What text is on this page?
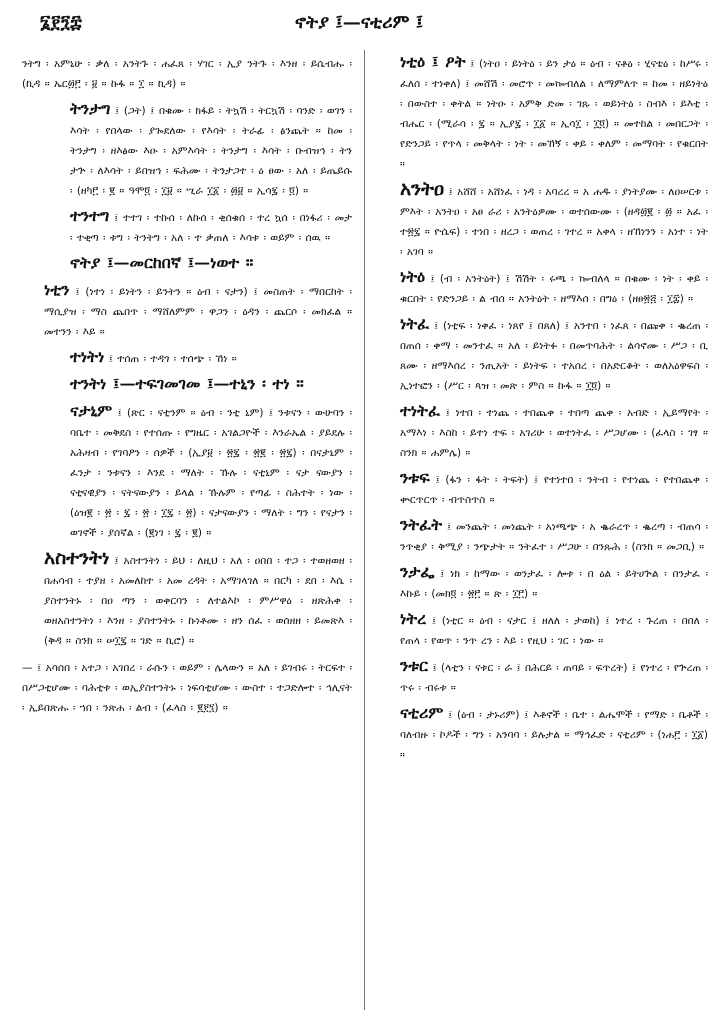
፮፻፺፰	ኖትያ ፤—ናቲሪም ፤

ንትግ ፡ አምኒሁ ፡ ቃለ ፡ አንትጉ ፡ ሐፈጸ ፡ ሃገር ፡ ኢያ ንትጉ ፡ እንዘ ፡ ይሴብሑ ፡ (ኪዳ ። ኤር፴፫ ፡ ፱ ። ኩፋ ። ፲ ። ኪዳ) ።

ትንታግ ፤ (ጋት) ፤ በቁሙ ፡ ክፋይ ፡ ትኳሽ ፡ ትርኳሽ ፡ ባንድ ፡ ወገን ፡ እሳት ፡ የበላው ፡ ያጐደለው ፡ የእሳት ፡ ትራፊ ፡ ፅንጨት ። ከመ ፡ ትንታግ ፡ ዘእፅው እዑ ፡ አምእሳት ፡ ትንታግ ፡ እሳት ፡ ቡብዝኅ ፡ ትን ታጕ ፡ ለእሳት ፡ ይበዝኅ ፡ ፍሕሙ ፡ ትንታጋተ ፡ ዕ ፀው ፡ አለ ፡ ይጤይሱ ፡ (ዘካ፫ ፡ ፪ ። ዓሞ፬ ፡ ፲፱ ። ሢራ ፲፩ ፡ ፴፱ ። ኢሳ፯ ፡ ፬) ።

ተንተግ ፤ ተተገ ፡ ተኩሰ ፡ ለኩሰ ፡ ቂሰቁሰ ፡ ተረ ኳሰ ፡ በነፋሪ ፡ መታ ፡ ተቂጣ ፡ ቱግ ፡ ትንትግ ፡ አለ ፡ ተ ቃጠለ ፡ እሳቱ ፡ ወይም ፡ ሰዉ ።

ኖትያ ፤—መርከበኛ ፤—ነወተ ።

ነቲን ፤ (ነተነ ፡ ይነትን ፡ ይንትን ። ዕብ ፡ ናታን) ፤ መስጠት ፡ ማበርከት ፡ ማሲያዝ ፡ ማስ ጨበጥ ፡ ማሸለምም ፡ ዋጋን ፡ ዕዳን ፡ ጨርሶ ፡ መክፈል ። መተንን ፡ እይ ።

ተነትነ ፤ ተሰጠ ፡ ተዳጎ ፡ ተሰጭ ፡ ኸነ ።

ተንትነ ፤—ተፍገመገመ ፤—ተኒን ፡ ተነ ።

ናታኒም ፤ (ጽር ፡ ናቲንም ። ዕብ ፡ ንቲ ኒም) ፤ ንቱናን ፡ ውሁባን ፡ ባቤተ ፡ መቅደስ ፡ የተሰጡ ፡ የግዜር ፡ አገልጋዮች ፡ እንራኤል ፡ ያይደሉ ፡ አሕዛብ ፡ የገባዖን ፡ ሰዎች ፡ (ኢያ፱ ፡ ፳፯ ፡ ፳፪ ፡ ፳፯) ፡ በናታኒም ፡ ፈንታ ፡ ንቱናን ፡ እንደ ፡ ማለት ፡ ኹሉ ፡ ናቲኒም ፡ ናታ ናውያን ፡ ናቲናዊያን ፡ ናትናውያን ፡ ይላል ፡ ኹሉም ፡ የጣፊ ፡ ስሕተት ፡ ነው ፡ (ዕዝ፪ ፡ ፳ ፡ ፯ ፡ ፳ ፡ ፲፯ ፡ ፳) ፡ ናታናውያን ፡ ማለት ፡ ግን ፡ የናታን ፡ ወገኖች ፡ ያሰኛል ፡ (፪ነገ ፡ ፯ ፡ ፪) ።

አስተንትነ ፤ አስተንትነ ፡ ይህ ፡ ለዚህ ፡ አለ ፡ ዐበበ ፡ ተጋ ፡ ተወዘወዘ ፡ በሐሳብ ፡ ተያዘ ፡ አመለከተ ፡ አመ ረዳት ፡ አማገላገለ ። በርካ ፡ ደበ ፡ እሴ ፡ ያስተንትኑ ፡ በዐ ጣን ፡ ወቀርባን ፡ ለተልእኮ ፡ ምሥዋዕ ፡ ዘጽሕቀ ፡ ወዘአስተንትነ ፡ እንዘ ፡ ያስተንትኑ ፡ ኩነቶሙ ፡ ዘን ሰፈ ፡ ወሰዘዘ ፡ ይመጽእ ፡ (ቅዳ ። ስንክ ። ሠ፲፯ ። ገድ ። ኪሮ) ።

— ፤ አሳሰበ ፡ አተጋ ፡ አገበረ ፡ ራሱን ፡ ወይም ፡ ሌላውን ። አለ ፡ ይገብሩ ፡ ትርፍተ ፡ በሥጋቲሆሙ ፡ ባሕቲቱ ፡ ወኢያስተንትኑ ፡ ነፍሳቲሆሙ ፡ ውስተ ፡ ተጋድሎተ ፡ ኅሊናት ፡ ኢይበጽሑ ፡ ኀበ ፡ ንጽሐ ፡ ልብ ፡ (ፈላስ ፡ ፪፻፺) ።

ነቲዕ ፤ ዖት ፤ (ነትዐ ፡ ይነትዕ ፡ ይን ታዕ ። ዕብ ፡ ናቶዕ ፡ ሂናቴዕ ፡ ከሥሩ ፡ ፈለሰ ፡ ተነቀለ) ፤ መሸሽ ፡ መሮጥ ፡ መኰብለል ፡ ለማምለጥ ። ከመ ፡ ዘይነትዕ ፡ በውስተ ፡ ቀትል ። ነትዑ ፡ አምቅ ድመ ፡ ገጹ ፡ ወይነትዕ ፡ ስብእ ፡ ይእቲ ፡ ብሔር ፡ (ሚራሳ ፡ ፯ ። ኢያ፯ ፡ ፲፩ ። ኢሳ፲ ፡ ፲፬) ። መተከል ፡ መበርጋት ፡ የድንጋይ ፡ የጥላ ፡ መቅላት ፡ ነት ፡ መኸኝ ፡ ቀይ ፡ ቀለም ፡ መማባት ፡ የቁርበት ።

አንትዐ ፤ አሸሸ ፡ አሸነፈ ፡ ነዳ ፡ አባረረ ። አ ሐዱ ፡ ያነትያሙ ፡ ለዐሠርቱ ፡ ምእት ፡ አንትዐ ፡ አፀ ራሪ ፡ አንትዕዎሙ ፡ ወተሰውሙ ፡ (ዘዳ፴፪ ፡ ፴ ። አፈ ፡ ተ፳፯ ። ዮሴፍ) ፡ ተነበ ፡ ዘረጋ ፡ ወጠረ ፡ ገተረ ። አቀላ ፡ ዘኸነንን ፡ አነተ ፡ ነት ፡ አገባ ።

ነትዕ ፤ (ብ ፡ አንትዕት) ፤ ሽሽት ፡ ሩጫ ፡ ኰብለላ ። በቁሙ ፡ ነት ፡ ቀይ ፡ ቁርበት ፡ የድንጋይ ፡ ል ብሰ ። አንትዕት ፡ ዘማእሰ ፡ በግዕ ፡ (ዘፀ፳፭ ፡ ፲፰) ።

ነትፈ ፤ (ነቲፍ ፡ ነቀፈ ፡ ነጸየ ፤ በጸለ) ፤ አንተበ ፡ ነፈጸ ፡ በጩቀ ፡ ቈረጠ ፡ በጠሰ ፡ ቀማ ፡ መንተፈ ። አለ ፡ ይነትፉ ፡ በመጥባሕት ፡ ልሳኖሙ ፡ ሥጋ ፡ ቢ ጸሙ ፡ ዘማእሰረ ፡ ንጢአት ፡ ይነትፍ ፡ ተአሰረ ፡ በአድርቆት ፡ ወለአዕዋፍስ ፡ ኢነተፎን ፡ (ሥር ፡ ጳዝ ፡ መጽ ፡ ምስ ። ኩፋ ። ፲፬) ።

ተነትፈ ፤ ነተበ ፡ ተነጨ ፡ ተበጨቀ ፡ ተበጣ ጨቀ ፡ አብድ ፡ ኢይማየት ፡ አማእነ ፡ እስከ ፡ ይተነ ተፍ ፡ አገሪሁ ፡ ወተነትፈ ፡ ሥጋሆሙ ፡ (ፈላስ ፡ ገፃ ። ስንክ ። ሐምሌ) ።

ንቱፍ ፤ (ፋን ፡ ፋት ፡ ትፍት) ፤ የተነተበ ፡ ንትብ ፡ የተነጨ ፡ የተበጨቀ ፡ ቍርጥርጥ ፡ ብጥስጥስ ።

ንትፈት ፤ መንጨት ፡ መነጨት ፡ አነጫጭ ፡ አ ቈራረጥ ፡ ቈረጣ ፡ ብጠሳ ፡ ንጥቂያ ፡ ቅሚያ ፡ ንጭታት ። ንትፈተ ፡ ሥጋሁ ፡ በንጹሕ ፡ (ስንክ ። መጋቢ) ።

ንታፌ ፤ ነክ ፡ ከማው ፡ ወንታፈ ፡ ሎቱ ፡ በ ዕል ፡ ይትሀጕል ፡ በንታፈ ፡ እኩይ ፡ (መክ፬ ፡ ፳፫ ። ጽ ፡ ፲፫) ።

ነትረ ፤ (ነቲር ። ዕብ ፡ ናታር ፤ ዘለለ ፡ ታወከ) ፤ ነተረ ፡ ጉረጠ ፡ በበለ ፡ የጠላ ፡ የወጥ ፡ ንጥ ረን ፡ እይ ፡ የዚህ ፡ ገር ፡ ነው ።

ንቱር ፤ (ላቲን ፡ ናቱር ፡ ራ ፤ በሕርይ ፡ ጠባይ ፡ ፍጥረት) ፤ የነተረ ፡ የጕረጠ ፡ ጥሩ ፡ ብሩቱ ።

ናቲሪም ፤ (ዕብ ፡ ታኑሪም) ፤ እቶኖች ፡ ቤተ ፡ ልሔሞች ፡ የማድ ፡ ቤቶች ፡ ባለብዙ ፡ ኮዶች ፡ ግን ፡ አንባባ ፡ ይሉታል ። ማኅፈድ ፡ ናቲሪም ፡ (ነሐ፫ ፡ ፲፩) ።
